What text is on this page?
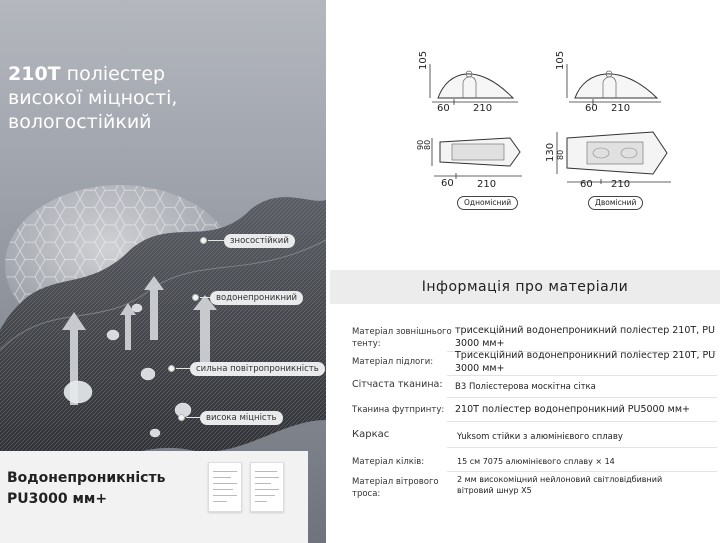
210T поліестер
високої міцності,
вологостійкий
зносостійкий
водонепроникний
сильна повітропроникність
висока міцність
Водонепроникність
PU3000 мм+
105
60 210
105
60 210
90
80
60 210
130 80
60 210
Одномісний	Двомісний
Інформація про матеріали
Матеріал зовнішнього тенту:
трисекційний водонепроникний поліестер 210T, PU 3000 мм+
Матеріал підлоги:
Трисекційний водонепроникний поліестер 210T, PU 3000 мм+
Сітчаста тканина:	B3 Полієстерова москітна сітка
Тканина футпринту:	210T поліестер водонепроникний PU5000 мм+
Каркас	Yuksom стійки з алюмінієвого сплаву
Матеріал кілків:	15 см 7075 алюмінієвого сплаву × 14
Матеріал вітрового троса:
2 мм високоміцний нейлоновий світловідбивний вітровий шнур X5
